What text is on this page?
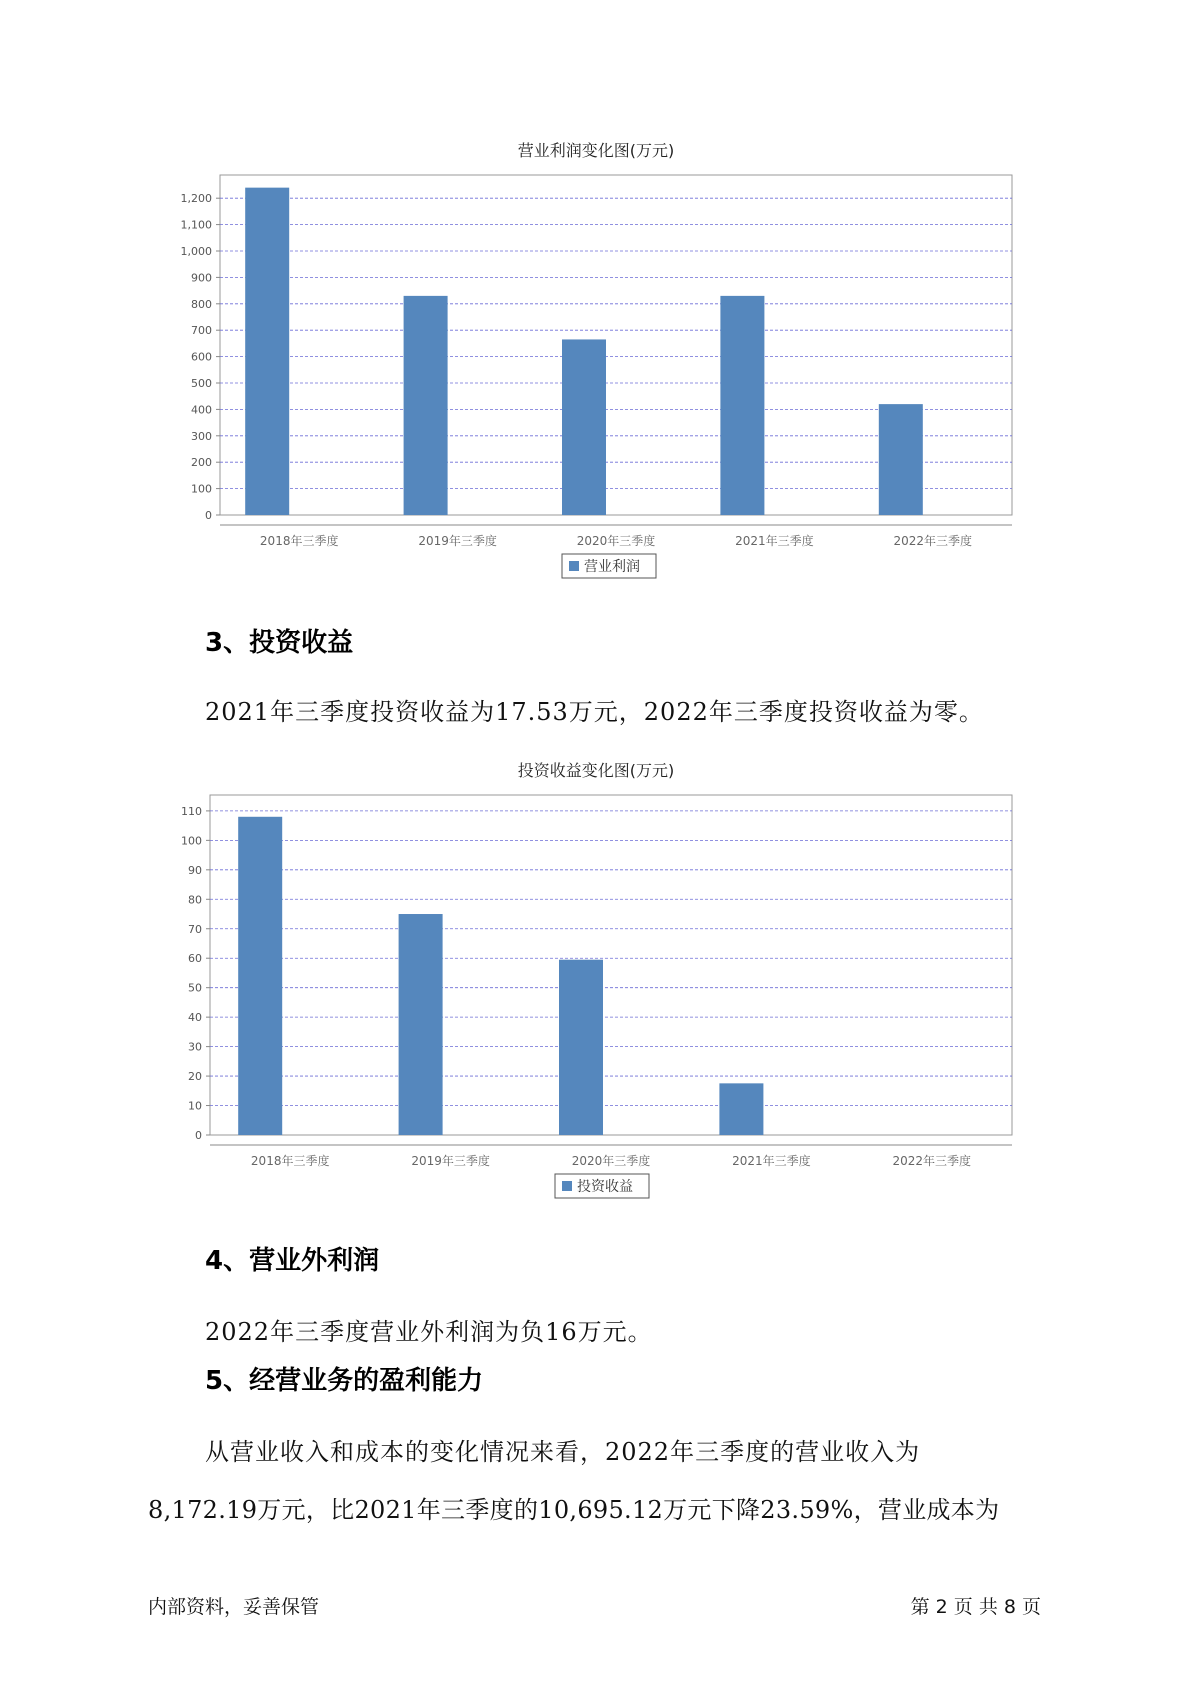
营业利润变化图(万元)
0
100
200
300
400
500
600
700
800
900
1,000
1,100
1,200
2018年三季度	2019年三季度	2020年三季度	2021年三季度	2022年三季度
营业利润
3、投资收益

2021年三季度投资收益为17.53万元，2022年三季度投资收益为零。

投资收益变化图(万元)
0
10
20
30
40
50
60
70
80
90
100
110
2018年三季度	2019年三季度	2020年三季度	2021年三季度	2022年三季度
投资收益
4、营业外利润

2022年三季度营业外利润为负16万元。

5、经营业务的盈利能力

从营业收入和成本的变化情况来看，2022年三季度的营业收入为

8,172.19万元，比2021年三季度的10,695.12万元下降23.59%，营业成本为

内部资料，妥善保管	第 2 页 共 8 页
